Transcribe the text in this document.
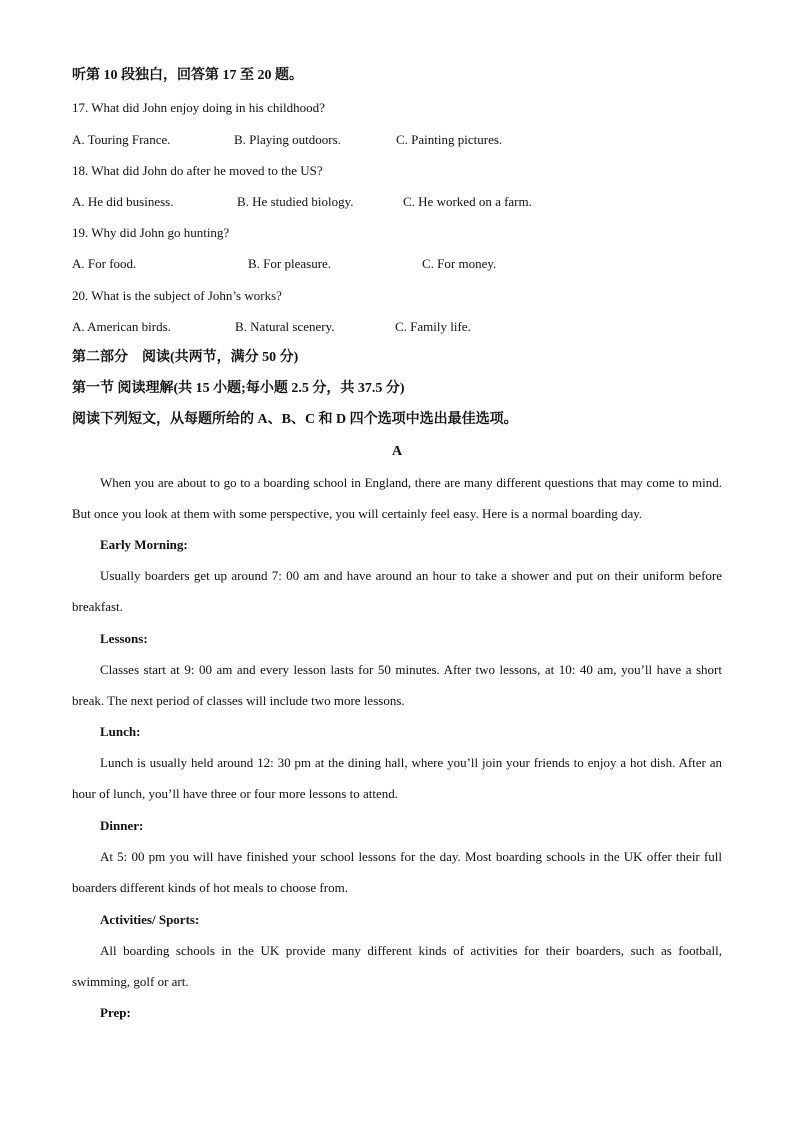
听第 10 段独白，回答第 17 至 20 题。
17. What did John enjoy doing in his childhood?
A. Touring France.	B. Playing outdoors.	C. Painting pictures.
18. What did John do after he moved to the US?
A. He did business.	B. He studied biology.	C. He worked on a farm.
19. Why did John go hunting?
A. For food.	B. For pleasure.	C. For money.
20. What is the subject of John’s works?
A. American birds.	B. Natural scenery.	C. Family life.
第二部分　阅读(共两节，满分 50 分)
第一节 阅读理解(共 15 小题;每小题 2.5 分，共 37.5 分)
阅读下列短文，从每题所给的 A、B、C 和 D 四个选项中选出最佳选项。
A
When you are about to go to a boarding school in England, there are many different questions that may come to mind. But once you look at them with some perspective, you will certainly feel easy. Here is a normal boarding day.
Early Morning:
Usually boarders get up around 7: 00 am and have around an hour to take a shower and put on their uniform before breakfast.
Lessons:
Classes start at 9: 00 am and every lesson lasts for 50 minutes. After two lessons, at 10: 40 am, you’ll have a short break. The next period of classes will include two more lessons.
Lunch:
Lunch is usually held around 12: 30 pm at the dining hall, where you’ll join your friends to enjoy a hot dish. After an hour of lunch, you’ll have three or four more lessons to attend.
Dinner:
At 5: 00 pm you will have finished your school lessons for the day. Most boarding schools in the UK offer their full boarders different kinds of hot meals to choose from.
Activities/ Sports:
All boarding schools in the UK provide many different kinds of activities for their boarders, such as football, swimming, golf or art.
Prep:
